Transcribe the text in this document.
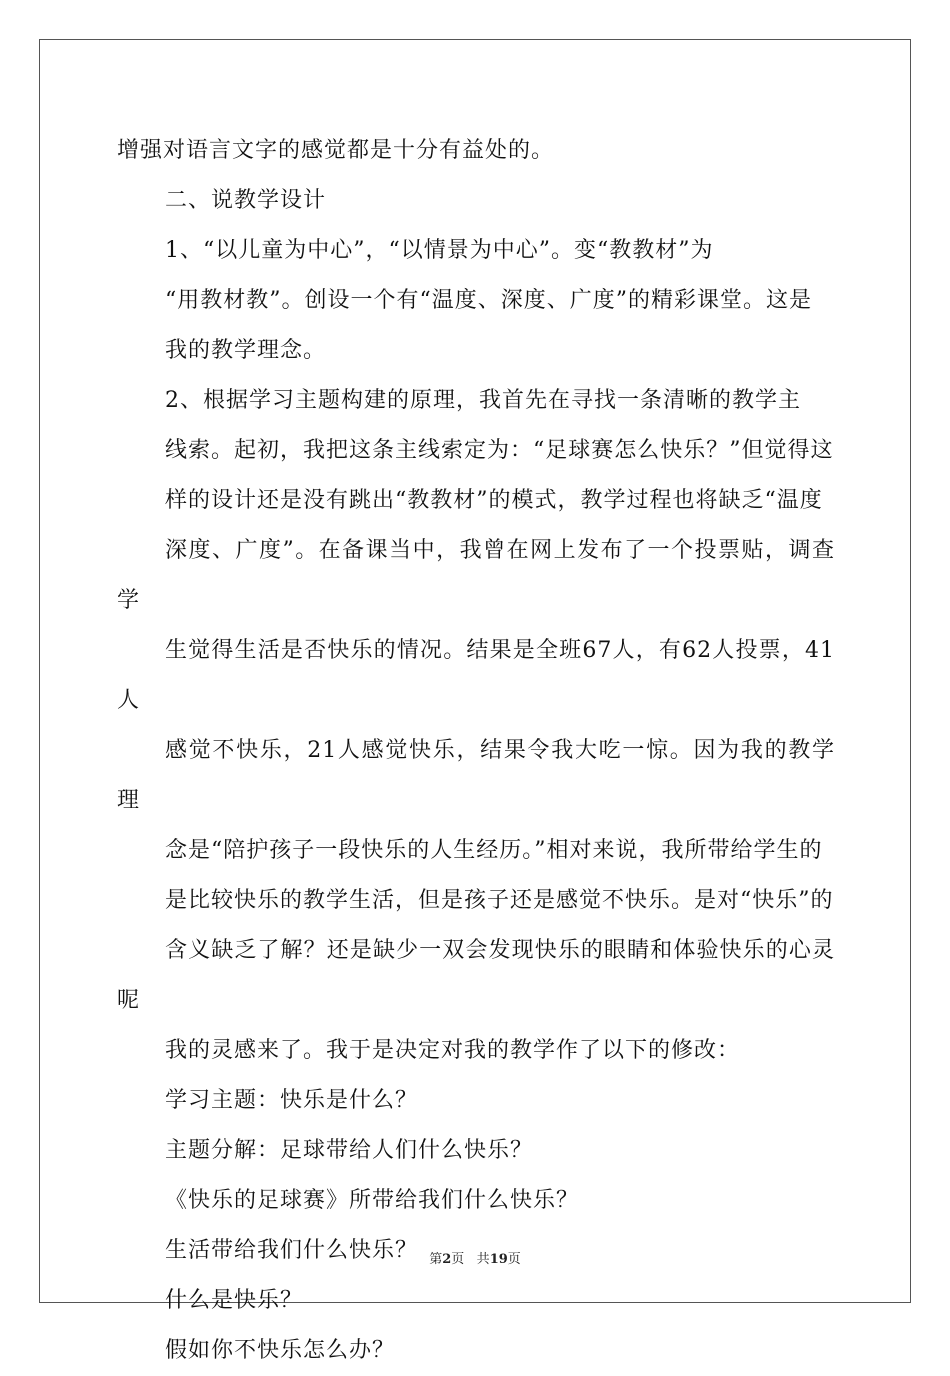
增强对语言文字的感觉都是十分有益处的。

二、说教学设计

1、“以儿童为中心”，“以情景为中心”。变“教教材”为
“用教材教”。创设一个有“温度、深度、广度”的精彩课堂。这是
我的教学理念。

2、根据学习主题构建的原理，我首先在寻找一条清晰的教学主
线索。起初，我把这条主线索定为：“足球赛怎么快乐？”但觉得这
样的设计还是没有跳出“教教材”的模式，教学过程也将缺乏“温度
深度、广度”。在备课当中，我曾在网上发布了一个投票贴，调查学
生觉得生活是否快乐的情况。结果是全班67人，有62人投票，41人
感觉不快乐，21人感觉快乐，结果令我大吃一惊。因为我的教学理
念是“陪护孩子一段快乐的人生经历。”相对来说，我所带给学生的
是比较快乐的教学生活，但是孩子还是感觉不快乐。是对“快乐”的
含义缺乏了解？还是缺少一双会发现快乐的眼睛和体验快乐的心灵呢
我的灵感来了。我于是决定对我的教学作了以下的修改：

学习主题：快乐是什么？

主题分解：足球带给人们什么快乐？

《快乐的足球赛》所带给我们什么快乐？

生活带给我们什么快乐？

什么是快乐？

假如你不快乐怎么办？

第2页 共19页
